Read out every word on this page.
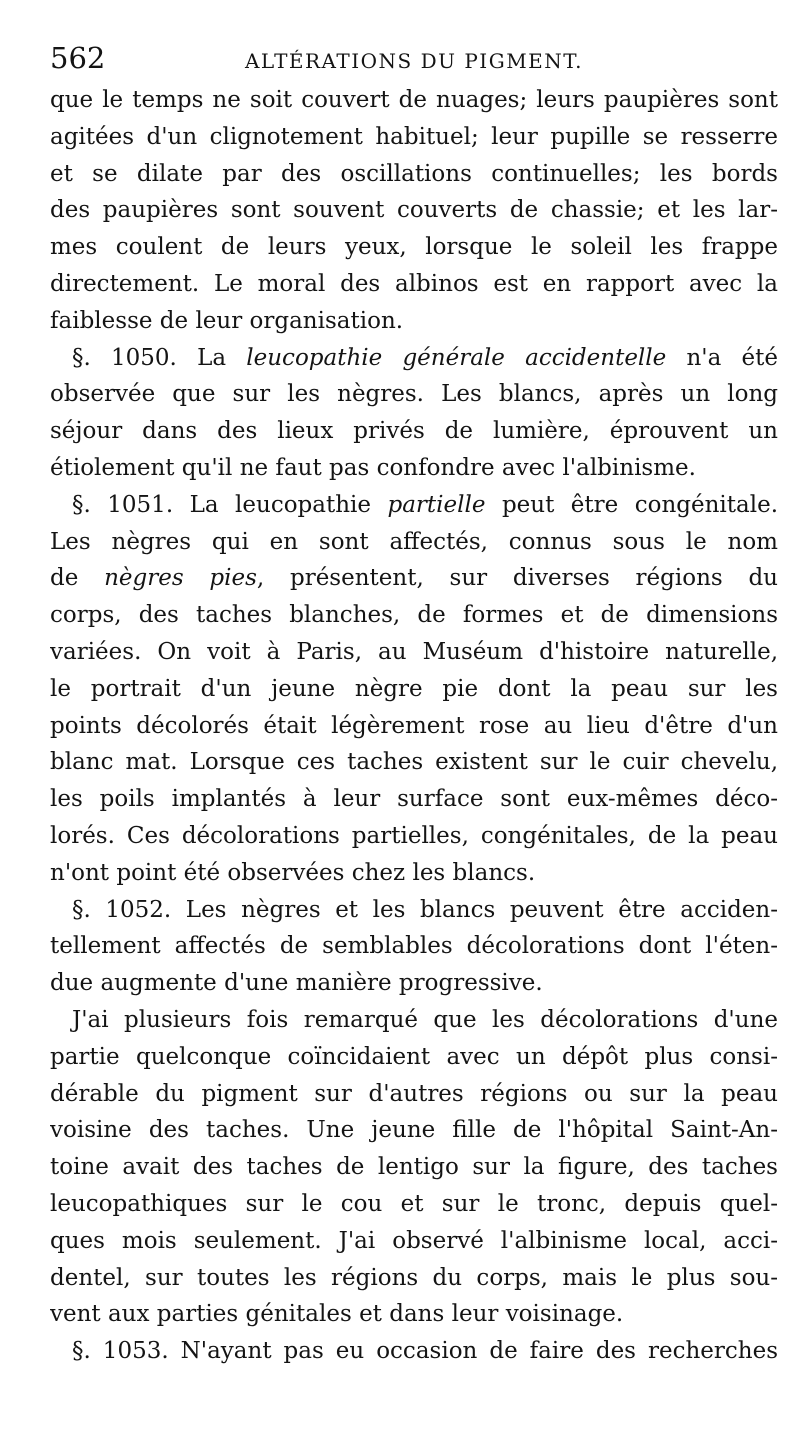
562	ALTÉRATIONS DU PIGMENT.
que le temps ne soit couvert de nuages; leurs paupières sont
agitées d'un clignotement habituel; leur pupille se resserre
et se dilate par des oscillations continuelles; les bords
des paupières sont souvent couverts de chassie; et les lar-
mes coulent de leurs yeux, lorsque le soleil les frappe
directement. Le moral des albinos est en rapport avec la
faiblesse de leur organisation.
§. 1050. La leucopathie générale accidentelle n'a été
observée que sur les nègres. Les blancs, après un long
séjour dans des lieux privés de lumière, éprouvent un
étiolement qu'il ne faut pas confondre avec l'albinisme.
§. 1051. La leucopathie partielle peut être congénitale.
Les nègres qui en sont affectés, connus sous le nom
de nègres pies, présentent, sur diverses régions du
corps, des taches blanches, de formes et de dimensions
variées. On voit à Paris, au Muséum d'histoire naturelle,
le portrait d'un jeune nègre pie dont la peau sur les
points décolorés était légèrement rose au lieu d'être d'un
blanc mat. Lorsque ces taches existent sur le cuir chevelu,
les poils implantés à leur surface sont eux-mêmes déco-
lorés. Ces décolorations partielles, congénitales, de la peau
n'ont point été observées chez les blancs.
§. 1052. Les nègres et les blancs peuvent être acciden-
tellement affectés de semblables décolorations dont l'éten-
due augmente d'une manière progressive.
J'ai plusieurs fois remarqué que les décolorations d'une
partie quelconque coïncidaient avec un dépôt plus consi-
dérable du pigment sur d'autres régions ou sur la peau
voisine des taches. Une jeune fille de l'hôpital Saint-An-
toine avait des taches de lentigo sur la figure, des taches
leucopathiques sur le cou et sur le tronc, depuis quel-
ques mois seulement. J'ai observé l'albinisme local, acci-
dentel, sur toutes les régions du corps, mais le plus sou-
vent aux parties génitales et dans leur voisinage.
§. 1053. N'ayant pas eu occasion de faire des recherches
